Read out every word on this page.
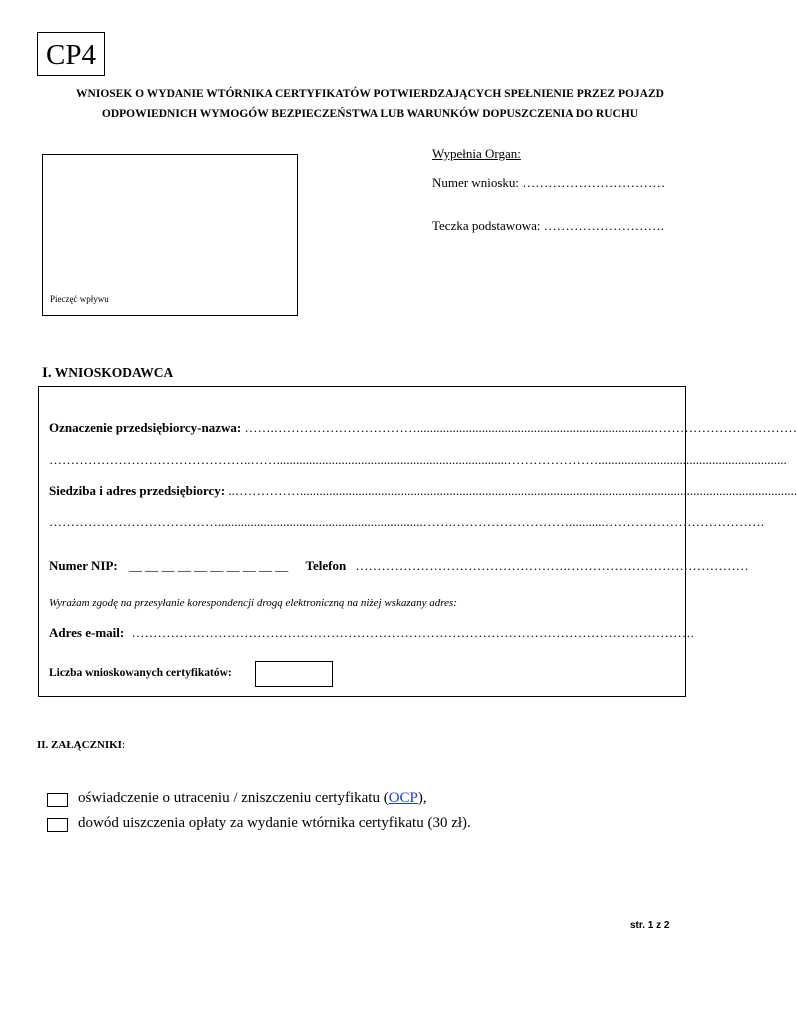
CP4
WNIOSEK O WYDANIE WTÓRNIKA CERTYFIKATÓW POTWIERDZAJĄCYCH SPEŁNIENIE PRZEZ POJAZD
ODPOWIEDNICH WYMOGÓW BEZPIECZEŃSTWA LUB WARUNKÓW DOPUSZCZENIA DO RUCHU
Pieczęć wpływu
Wypełnia Organ:
Numer wniosku: ……………………………
Teczka podstawowa: ……………………….
I. WNIOSKODAWCA
Oznaczenie przedsiębiorcy-nazwa: …….…………………………….........................................................................……………………………
………………………………………..…….......................................................................…………………..........................................................
Siedziba i adres przedsiębiorcy: ..…………….........................................................................................................................................................
…………………………………...............................................................…….………………………...........……………………………….
Numer NIP: __ __ __ __ __ __ __ __ __ __ Telefon ………………………………………….……………………………………
Wyrażam zgodę na przesyłanie korespondencji drogą elektroniczną na niżej wskazany adres:
Adres e-mail: ………………………………………………………………………………………………………………….
Liczba wnioskowanych certyfikatów:
II. ZAŁĄCZNIKI:
oświadczenie o utraceniu / zniszczeniu certyfikatu (OCP),
dowód uiszczenia opłaty za wydanie wtórnika certyfikatu (30 zł).
str. 1 z 2
